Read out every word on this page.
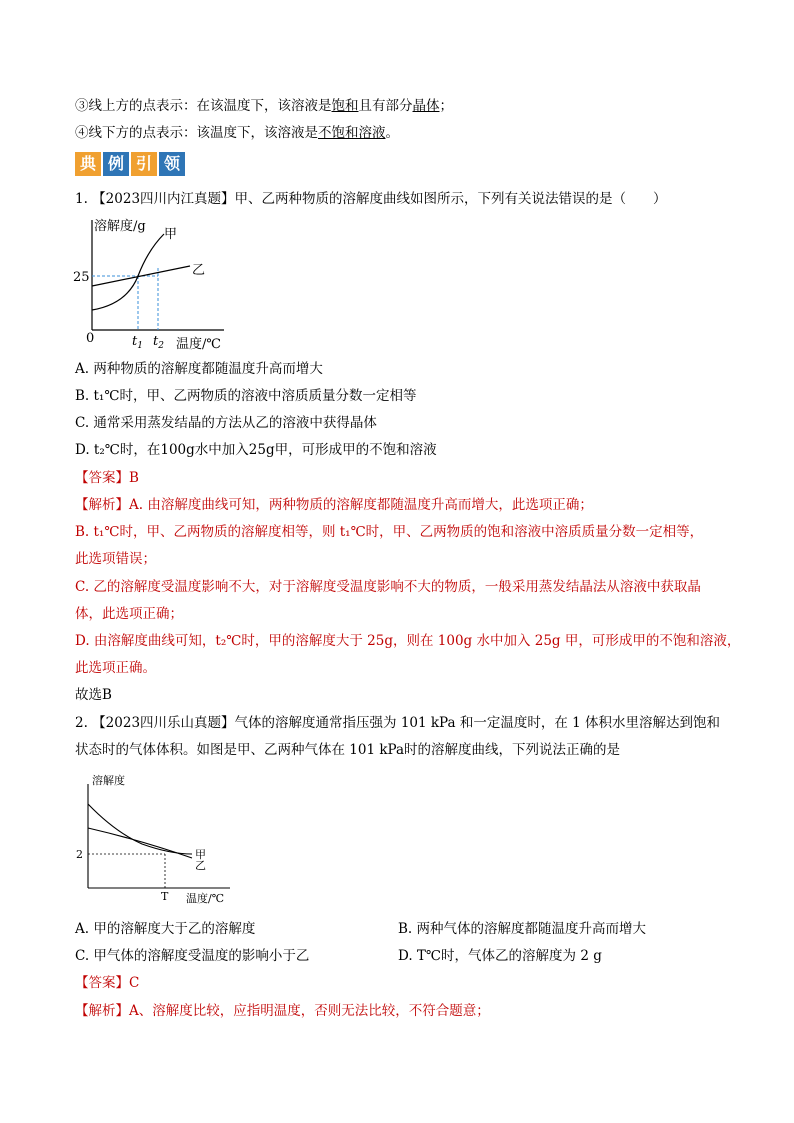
③线上方的点表示：在该温度下，该溶液是饱和且有部分晶体；
④线下方的点表示：该温度下，该溶液是不饱和溶液。
典 例 引 领
1. 【2023四川内江真题】甲、乙两种物质的溶解度曲线如图所示，下列有关说法错误的是（　　）
溶解度/g
甲
乙
25
0	$t_1$ $t_2$ 温度/℃
A. 两种物质的溶解度都随温度升高而增大
B. t₁℃时，甲、乙两物质的溶液中溶质质量分数一定相等
C. 通常采用蒸发结晶的方法从乙的溶液中获得晶体
D. t₂℃时，在100g水中加入25g甲，可形成甲的不饱和溶液
【答案】B
【解析】A. 由溶解度曲线可知，两种物质的溶解度都随温度升高而增大，此选项正确；
B. t₁℃时，甲、乙两物质的溶解度相等，则 t₁℃时，甲、乙两物质的饱和溶液中溶质质量分数一定相等，
此选项错误；
C. 乙的溶解度受温度影响不大，对于溶解度受温度影响不大的物质，一般采用蒸发结晶法从溶液中获取晶
体，此选项正确；
D. 由溶解度曲线可知，t₂℃时，甲的溶解度大于 25g，则在 100g 水中加入 25g 甲，可形成甲的不饱和溶液，
此选项正确。
故选B
2. 【2023四川乐山真题】气体的溶解度通常指压强为 101 kPa 和一定温度时，在 1 体积水里溶解达到饱和
状态时的气体体积。如图是甲、乙两种气体在 101 kPa时的溶解度曲线，下列说法正确的是
溶解度
甲
乙
2
T 温度/℃
A. 甲的溶解度大于乙的溶解度	B. 两种气体的溶解度都随温度升高而增大
C. 甲气体的溶解度受温度的影响小于乙	D. T℃时，气体乙的溶解度为 2 g
【答案】C
【解析】A、溶解度比较，应指明温度，否则无法比较，不符合题意；
